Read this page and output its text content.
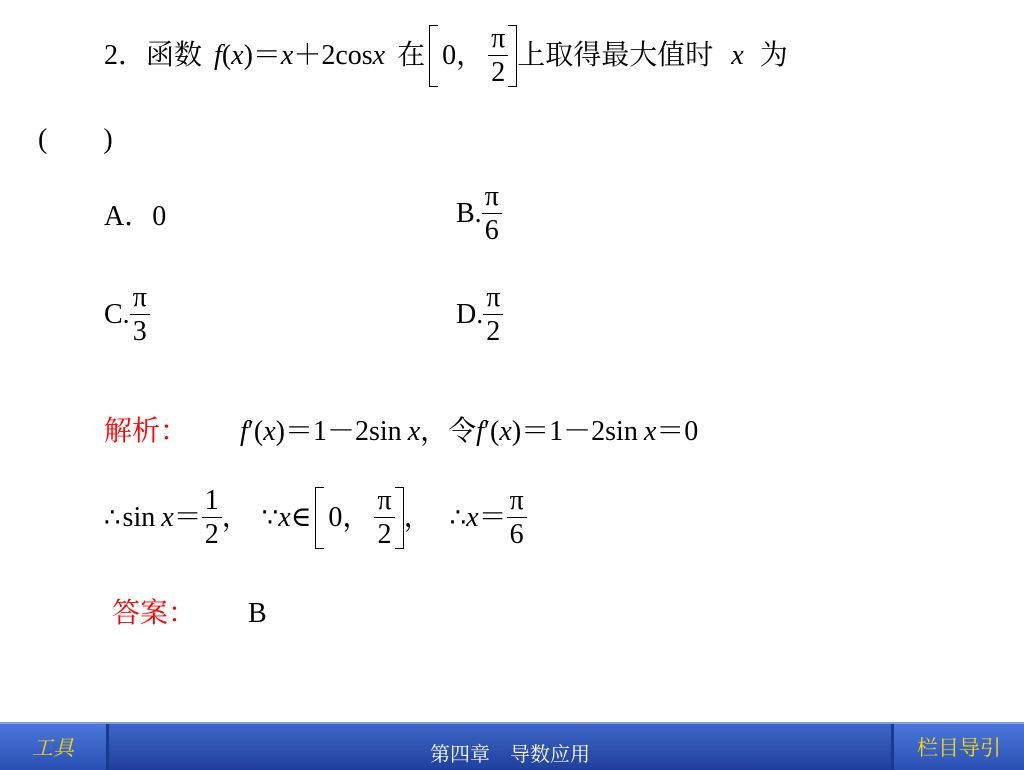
2． 函数 f ( x )＝ x ＋2cos x 在 0， $\frac{\pi}{2}$ 上取得最大值时 x 为
(　　)
A．0	B. $\frac{\pi}{6}$
C. $\frac{\pi}{3}$	D. $\frac{\pi}{2}$
解析： f′(x)＝1－2sin x，令f′(x)＝1－2sin x＝0
∴ $\sin x = \frac{1}{2}$ ， ∵ x ∈ 0， $\frac{\pi}{2}$ ， ∴ $x = \frac{\pi}{6}$
答案： B
工具	第四章　导数应用	栏目导引
